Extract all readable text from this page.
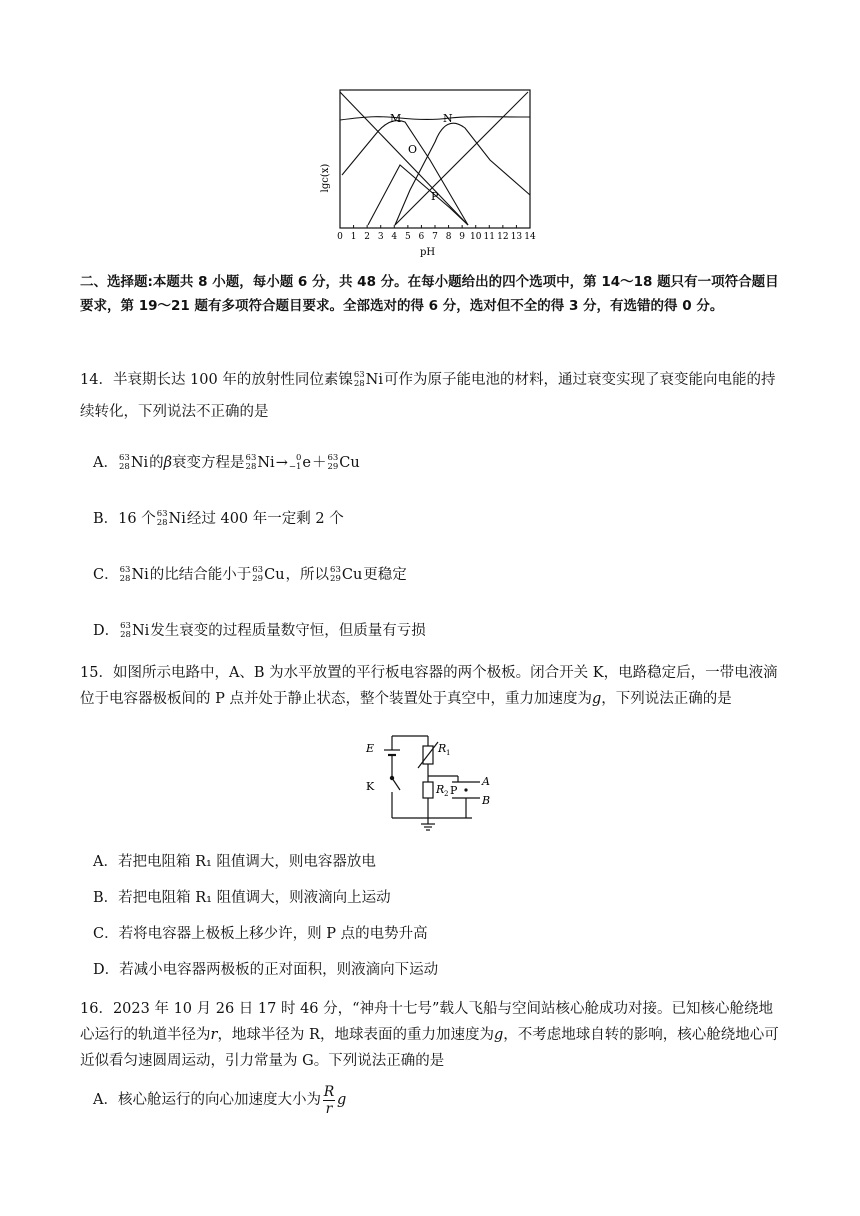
M	N
O
P
lgc(x)
0 1 2 3 4 5 6 7 8 9 10 11 12 13 14
pH
二、选择题:本题共 8 小题，每小题 6 分，共 48 分。在每小题给出的四个选项中，第 14～18 题只有一项符合题目要求，第 19～21 题有多项符合题目要求。全部选对的得 6 分，选对但不全的得 3 分，有选错的得 0 分。
14．半衰期长达 100 年的放射性同位素镍 63
28 Ni可作为原子能电池的材料，通过衰变实现了衰变能向电能的持续转化，下列说法不正确的是
A． 63
28 Ni的β衰变方程是 63
28 Ni→ 0
−1 e＋ 63
29 Cu
B．16 个 63
28 Ni经过 400 年一定剩 2 个
C． 63
28 Ni的比结合能小于 63
29 Cu，所以 63
29 Cu更稳定
D． 63
28 Ni发生衰变的过程质量数守恒，但质量有亏损
15．如图所示电路中，A、B 为水平放置的平行板电容器的两个极板。闭合开关 K，电路稳定后，一带电液滴位于电容器极板间的 P 点并处于静止状态，整个装置处于真空中，重力加速度为g，下列说法正确的是
E
K
R 1
R 2
A
B
P
A．若把电阻箱 R₁ 阻值调大，则电容器放电
B．若把电阻箱 R₁ 阻值调大，则液滴向上运动
C．若将电容器上极板上移少许，则 P 点的电势升高
D．若减小电容器两极板的正对面积，则液滴向下运动
16．2023 年 10 月 26 日 17 时 46 分，“神舟十七号”载人飞船与空间站核心舱成功对接。已知核心舱绕地心运行的轨道半径为r，地球半径为 R，地球表面的重力加速度为g，不考虑地球自转的影响，核心舱绕地心可近似看匀速圆周运动，引力常量为 G。下列说法正确的是
A．核心舱运行的向心加速度大小为 $\frac{R}{r}$ g
